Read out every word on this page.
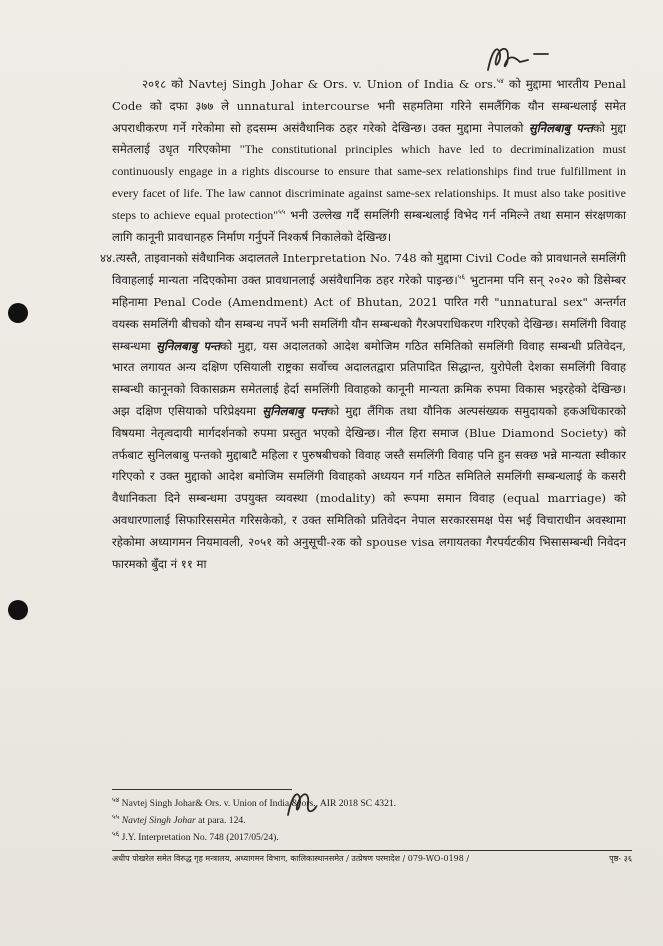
२०१८ को Navtej Singh Johar & Ors. v. Union of India & ors.$^{५४}$ को मुद्दामा भारतीय Penal Code को दफा ३७७ ले unnatural intercourse भनी सहमतिमा गरिने समलैंगिक यौन सम्बन्धलाई समेत अपराधीकरण गर्ने गरेकोमा सो हदसम्म असंवैधानिक ठहर गरेको देखिन्छ। उक्त मुद्दामा नेपालको सुनिलबाबु पन्तको मुद्दा समेतलाई उधृत गरिएकोमा "The constitutional principles which have led to decriminalization must continuously engage in a rights discourse to ensure that same-sex relationships find true fulfillment in every facet of life. The law cannot discriminate against same-sex relationships. It must also take positive steps to achieve equal protection"$^{५५}$ भनी उल्लेख गर्दै समलिंगी सम्बन्धलाई विभेद गर्न नमिल्ने तथा समान संरक्षणका लागि कानूनी प्रावधानहरु निर्माण गर्नुपर्ने निश्कर्ष निकालेको देखिन्छ।

४४.त्यस्तै, ताइवानको संवैधानिक अदालतले Interpretation No. 748 को मुद्दामा Civil Code को प्रावधानले समलिंगी विवाहलाई मान्यता नदिएकोमा उक्त प्रावधानलाई असंवैधानिक ठहर गरेको पाइन्छ।$^{५६}$ भुटानमा पनि सन् २०२० को डिसेम्बर महिनामा Penal Code (Amendment) Act of Bhutan, 2021 पारित गरी "unnatural sex" अन्तर्गत वयस्क समलिंगी बीचको यौन सम्बन्ध नपर्ने भनी समलिंगी यौन सम्बन्धको गैरअपराधिकरण गरिएको देखिन्छ। समलिंगी विवाह सम्बन्धमा सुनिलबाबु पन्तको मुद्दा, यस अदालतको आदेश बमोजिम गठित समितिको समलिंगी विवाह सम्बन्धी प्रतिवेदन, भारत लगायत अन्य दक्षिण एसियाली राष्ट्रका सर्वोच्च अदालतद्वारा प्रतिपादित सिद्धान्त, युरोपेली देशका समलिंगी विवाह सम्बन्धी कानूनको विकासक्रम समेतलाई हेर्दा समलिंगी विवाहको कानूनी मान्यता क्रमिक रुपमा विकास भइरहेको देखिन्छ। अझ दक्षिण एसियाको परिप्रेक्ष्यमा सुनिलबाबु पन्तको मुद्दा लैंगिक तथा यौनिक अल्पसंख्यक समुदायको हकअधिकारको विषयमा नेतृत्वदायी मार्गदर्शनको रुपमा प्रस्तुत भएको देखिन्छ। नील हिरा समाज (Blue Diamond Society) को तर्फबाट सुनिलबाबु पन्तको मुद्दाबाटै महिला र पुरुषबीचको विवाह जस्तै समलिंगी विवाह पनि हुन सक्छ भन्ने मान्यता स्वीकार गरिएको र उक्त मुद्दाको आदेश बमोजिम समलिंगी विवाहको अध्ययन गर्न गठित समितिले समलिंगी सम्बन्धलाई के कसरी वैधानिकता दिने सम्बन्धमा उपयुक्त व्यवस्था (modality) को रूपमा समान विवाह (equal marriage) को अवधारणालाई सिफारिससमेत गरिसकेको, र उक्त समितिको प्रतिवेदन नेपाल सरकारसमक्ष पेस भई विचाराधीन अवस्थामा रहेकोमा अध्यागमन नियमावली, २०५१ को अनुसूची-२क को spouse visa लगायतका गैरपर्यटकीय भिसासम्बन्धी निवेदन फारमको बुँदा नं ११ मा

$^{५४}$ Navtej Singh Johar& Ors. v. Union of India & ors., AIR 2018 SC 4321.
$^{५५}$ Navtej Singh Johar at para. 124.
$^{५६}$ J.Y. Interpretation No. 748 (2017/05/24).
अधीप पोखरेल समेत विरुद्ध गृह मन्त्रालय, अध्यागमन विभाग, कालिकास्थानसमेत / उत्प्रेषण परमादेश / 079-WO-0198 /	पृष्ठ- ३६
